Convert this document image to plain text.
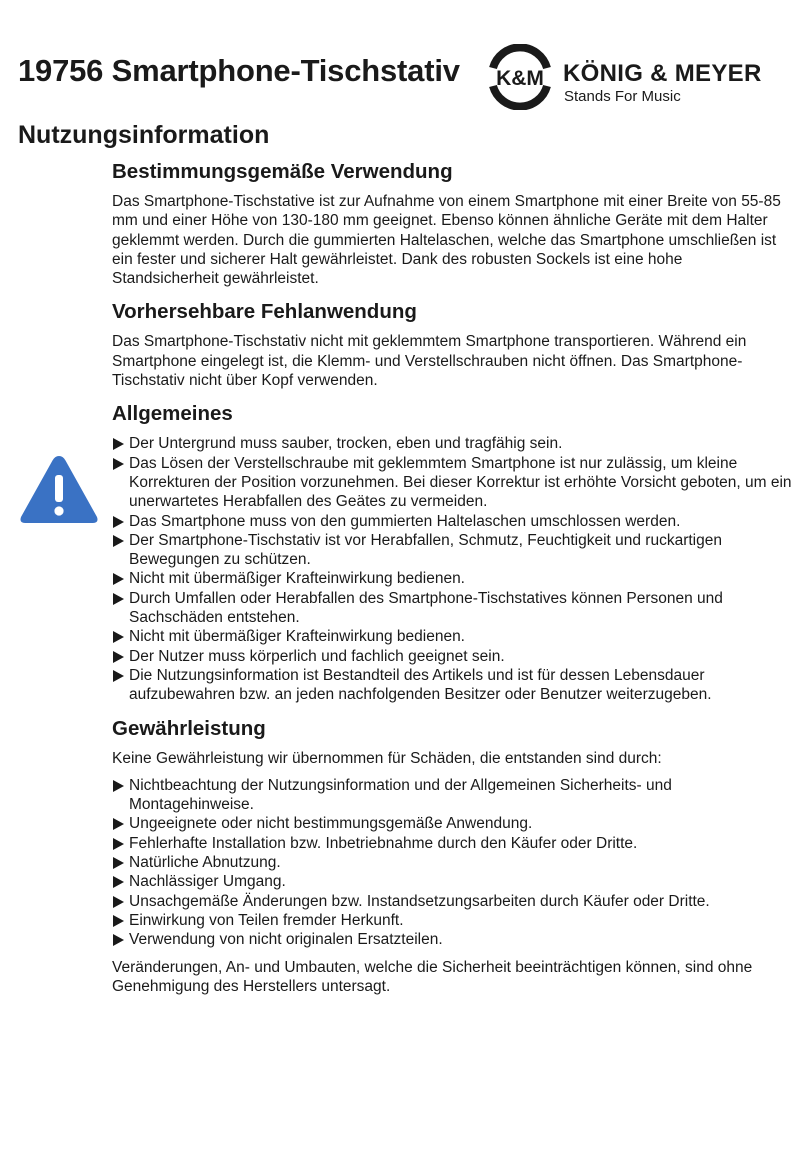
19756 Smartphone-Tischstativ K&M KÖNIG & MEYER
Stands For Music
Nutzungsinformation
Bestimmungsgemäße Verwendung

Das Smartphone-Tischstative ist zur Aufnahme von einem Smartphone mit einer Breite von 55-85 mm und einer Höhe von 130-180 mm geeignet. Ebenso können ähnliche Geräte mit dem Halter geklemmt werden. Durch die gummierten Haltelaschen, welche das Smartphone umschließen ist ein fester und sicherer Halt gewährleistet. Dank des robusten Sockels ist eine hohe Standsicherheit gewährleistet.

Vorhersehbare Fehlanwendung

Das Smartphone-Tischstativ nicht mit geklemmtem Smartphone transportieren. Während ein Smartphone eingelegt ist, die Klemm- und Verstellschrauben nicht öffnen. Das Smartphone-Tischstativ nicht über Kopf verwenden.

Allgemeines
Der Untergrund muss sauber, trocken, eben und tragfähig sein.
Das Lösen der Verstellschraube mit geklemmtem Smartphone ist nur zulässig, um kleine Korrekturen der Position vorzunehmen. Bei dieser Korrektur ist erhöhte Vorsicht geboten, um ein unerwartetes Herabfallen des Geätes zu vermeiden.
Das Smartphone muss von den gummierten Haltelaschen umschlossen werden.
Der Smartphone-Tischstativ ist vor Herabfallen, Schmutz, Feuchtigkeit und ruckartigen Bewegungen zu schützen.
Nicht mit übermäßiger Krafteinwirkung bedienen.
Durch Umfallen oder Herabfallen des Smartphone-Tischstatives können Personen und Sachschäden entstehen.
Nicht mit übermäßiger Krafteinwirkung bedienen.
Der Nutzer muss körperlich und fachlich geeignet sein.
Die Nutzungsinformation ist Bestandteil des Artikels und ist für dessen Lebensdauer aufzubewahren bzw. an jeden nachfolgenden Besitzer oder Benutzer weiterzugeben.
Gewährleistung

Keine Gewährleistung wir übernommen für Schäden, die entstanden sind durch:

Nichtbeachtung der Nutzungsinformation und der Allgemeinen Sicherheits- und Montagehinweise.
Ungeeignete oder nicht bestimmungsgemäße Anwendung.
Fehlerhafte Installation bzw. Inbetriebnahme durch den Käufer oder Dritte.
Natürliche Abnutzung.
Nachlässiger Umgang.
Unsachgemäße Änderungen bzw. Instandsetzungsarbeiten durch Käufer oder Dritte.
Einwirkung von Teilen fremder Herkunft.
Verwendung von nicht originalen Ersatzteilen.

Veränderungen, An- und Umbauten, welche die Sicherheit beeinträchtigen können, sind ohne Genehmigung des Herstellers untersagt.
